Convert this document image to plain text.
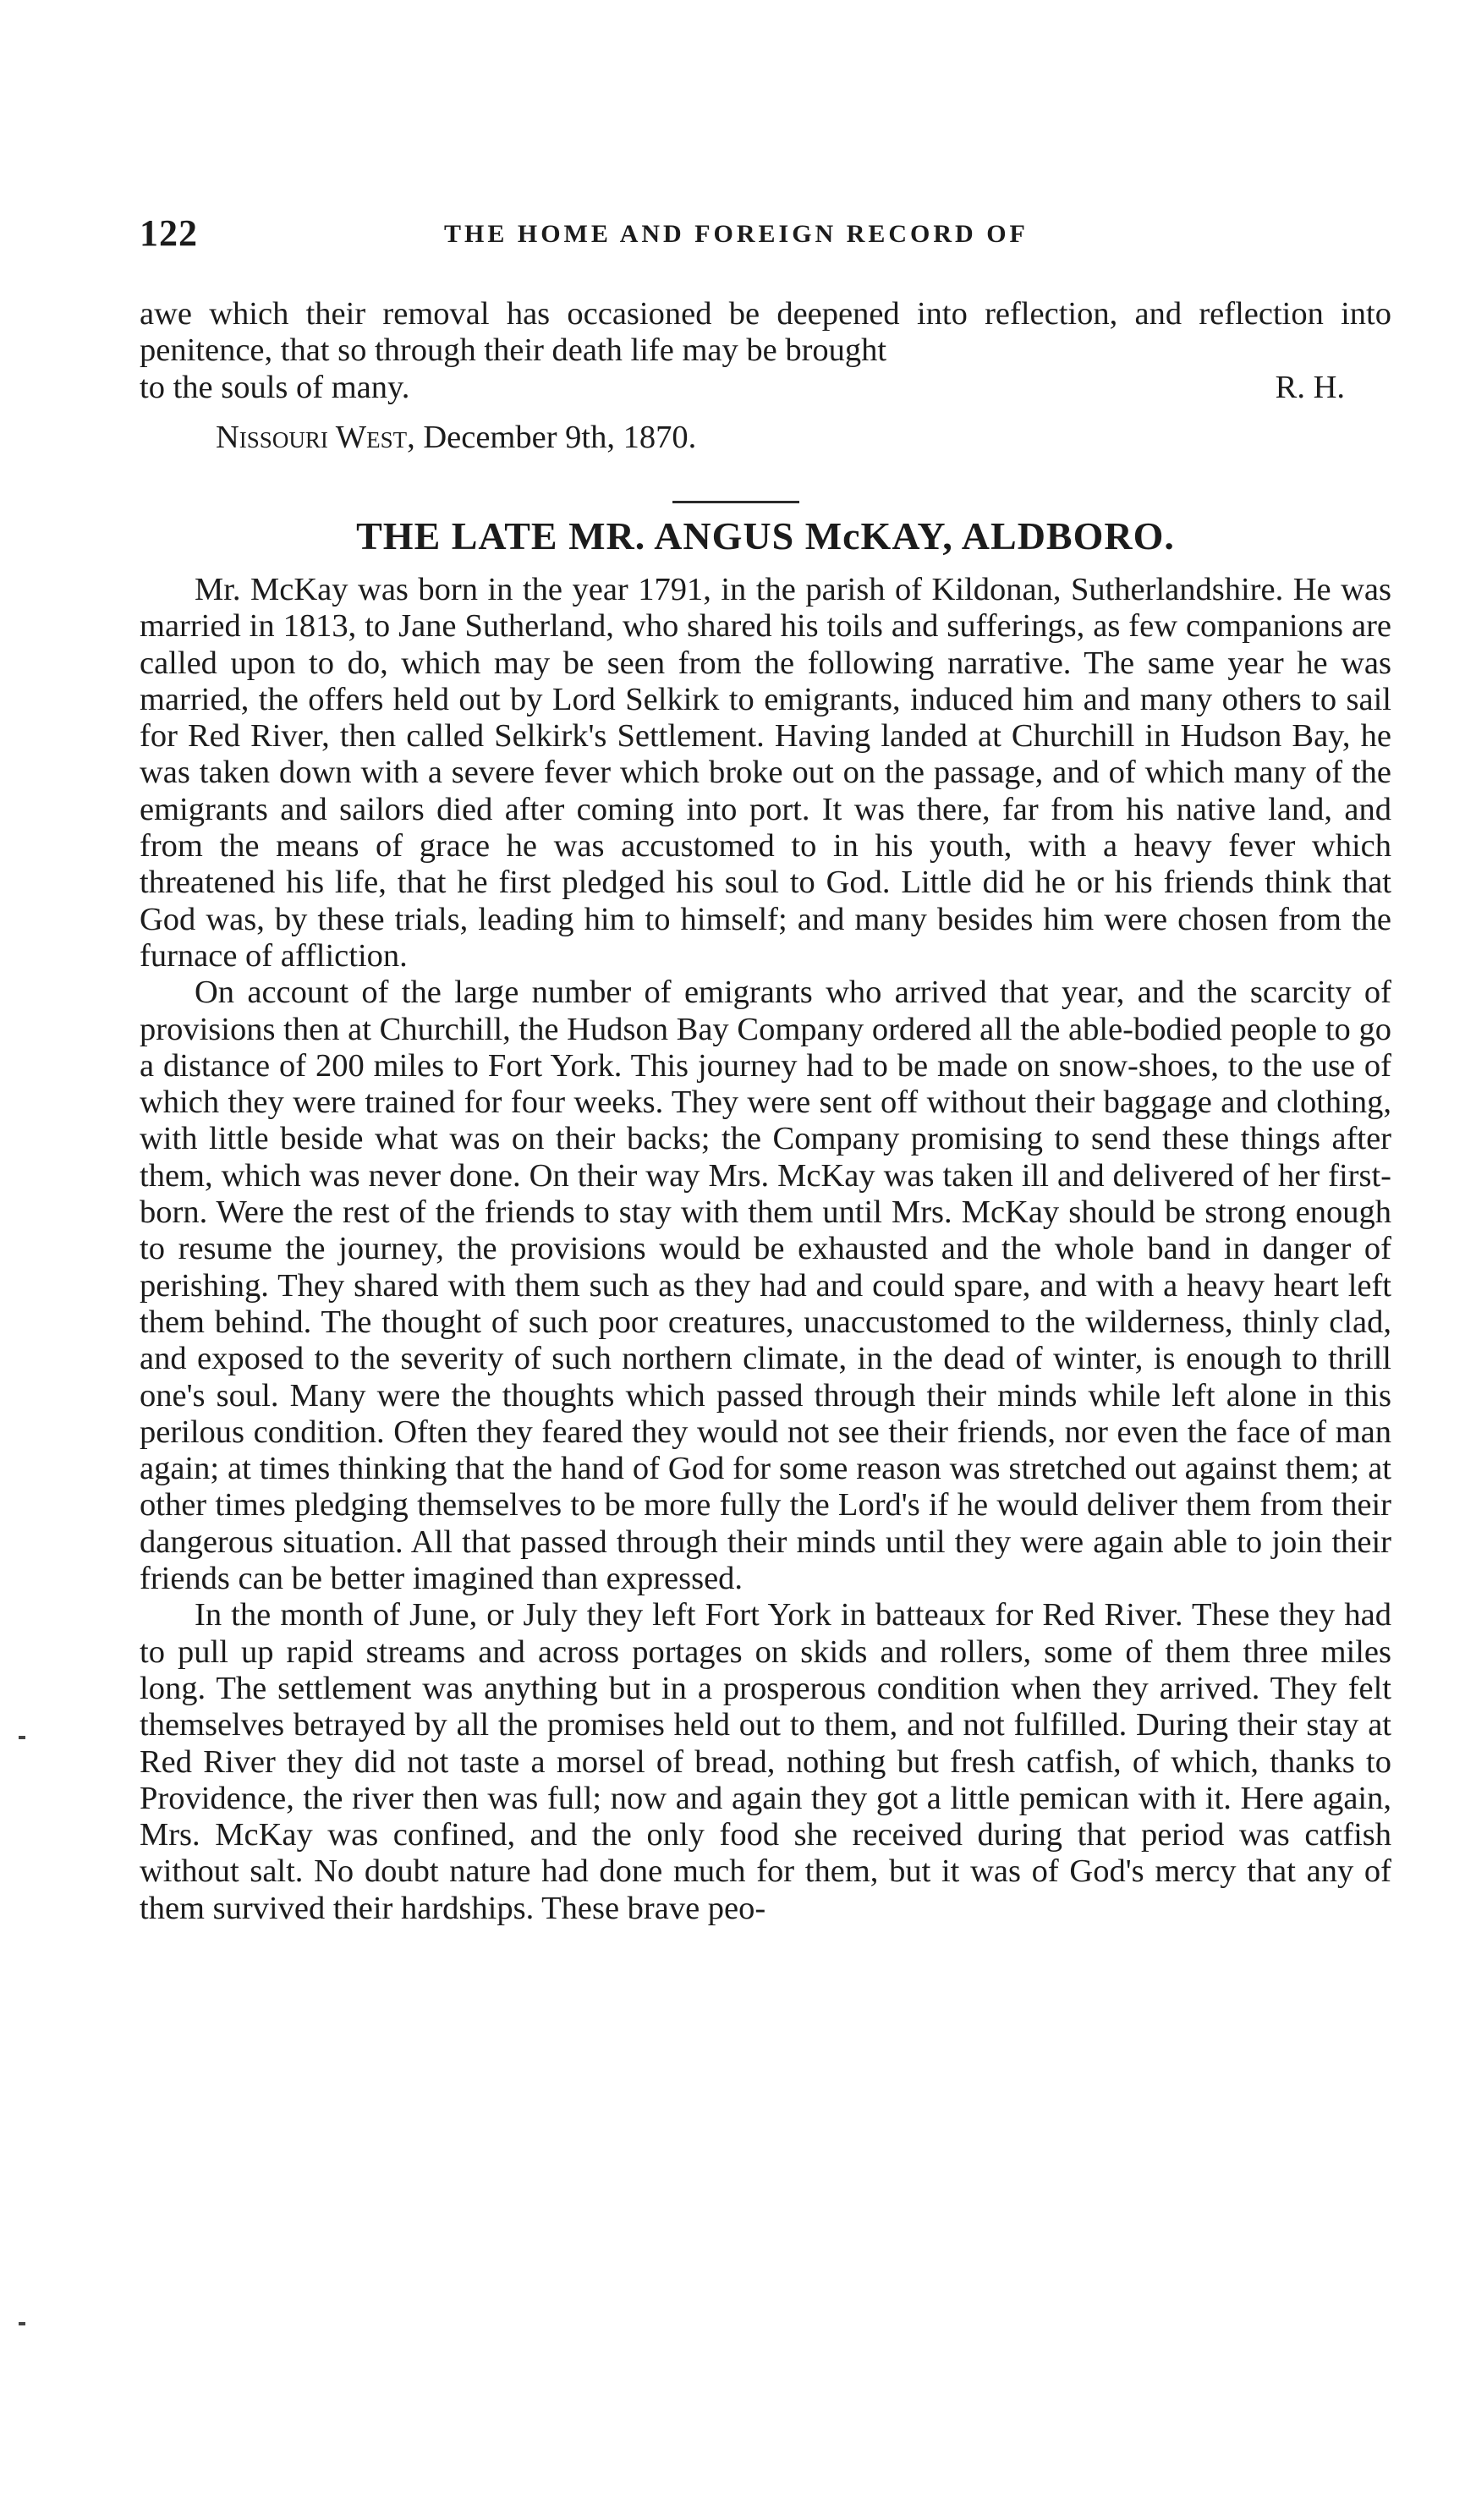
122	THE HOME AND FOREIGN RECORD OF
awe which their removal has occasioned be deepened into reflection, and reflection into penitence, that so through their death life may be brought
to the souls of many.	R. H.
Nissouri West, December 9th, 1870.
THE LATE MR. ANGUS McKAY, ALDBORO.

Mr. McKay was born in the year 1791, in the parish of Kildonan, Sutherlandshire. He was married in 1813, to Jane Sutherland, who shared his toils and sufferings, as few companions are called upon to do, which may be seen from the following narrative. The same year he was married, the offers held out by Lord Selkirk to emigrants, induced him and many others to sail for Red River, then called Selkirk's Settlement. Having landed at Churchill in Hudson Bay, he was taken down with a severe fever which broke out on the passage, and of which many of the emigrants and sailors died after coming into port. It was there, far from his native land, and from the means of grace he was accustomed to in his youth, with a heavy fever which threatened his life, that he first pledged his soul to God. Little did he or his friends think that God was, by these trials, leading him to himself; and many besides him were chosen from the furnace of affliction.

On account of the large number of emigrants who arrived that year, and the scarcity of provisions then at Churchill, the Hudson Bay Company ordered all the able-bodied people to go a distance of 200 miles to Fort York. This journey had to be made on snow-shoes, to the use of which they were trained for four weeks. They were sent off without their baggage and clothing, with little beside what was on their backs; the Company promising to send these things after them, which was never done. On their way Mrs. McKay was taken ill and delivered of her first-born. Were the rest of the friends to stay with them until Mrs. McKay should be strong enough to resume the journey, the provisions would be exhausted and the whole band in danger of perishing. They shared with them such as they had and could spare, and with a heavy heart left them behind. The thought of such poor creatures, unaccustomed to the wilderness, thinly clad, and exposed to the severity of such northern climate, in the dead of winter, is enough to thrill one's soul. Many were the thoughts which passed through their minds while left alone in this perilous condition. Often they feared they would not see their friends, nor even the face of man again; at times thinking that the hand of God for some reason was stretched out against them; at other times pledging themselves to be more fully the Lord's if he would deliver them from their dangerous situation. All that passed through their minds until they were again able to join their friends can be better imagined than expressed.

In the month of June, or July they left Fort York in batteaux for Red River. These they had to pull up rapid streams and across portages on skids and rollers, some of them three miles long. The settlement was anything but in a prosperous condition when they arrived. They felt themselves betrayed by all the promises held out to them, and not fulfilled. During their stay at Red River they did not taste a morsel of bread, nothing but fresh catfish, of which, thanks to Providence, the river then was full; now and again they got a little pemican with it. Here again, Mrs. McKay was confined, and the only food she received during that period was catfish without salt. No doubt nature had done much for them, but it was of God's mercy that any of them survived their hardships. These brave peo-
